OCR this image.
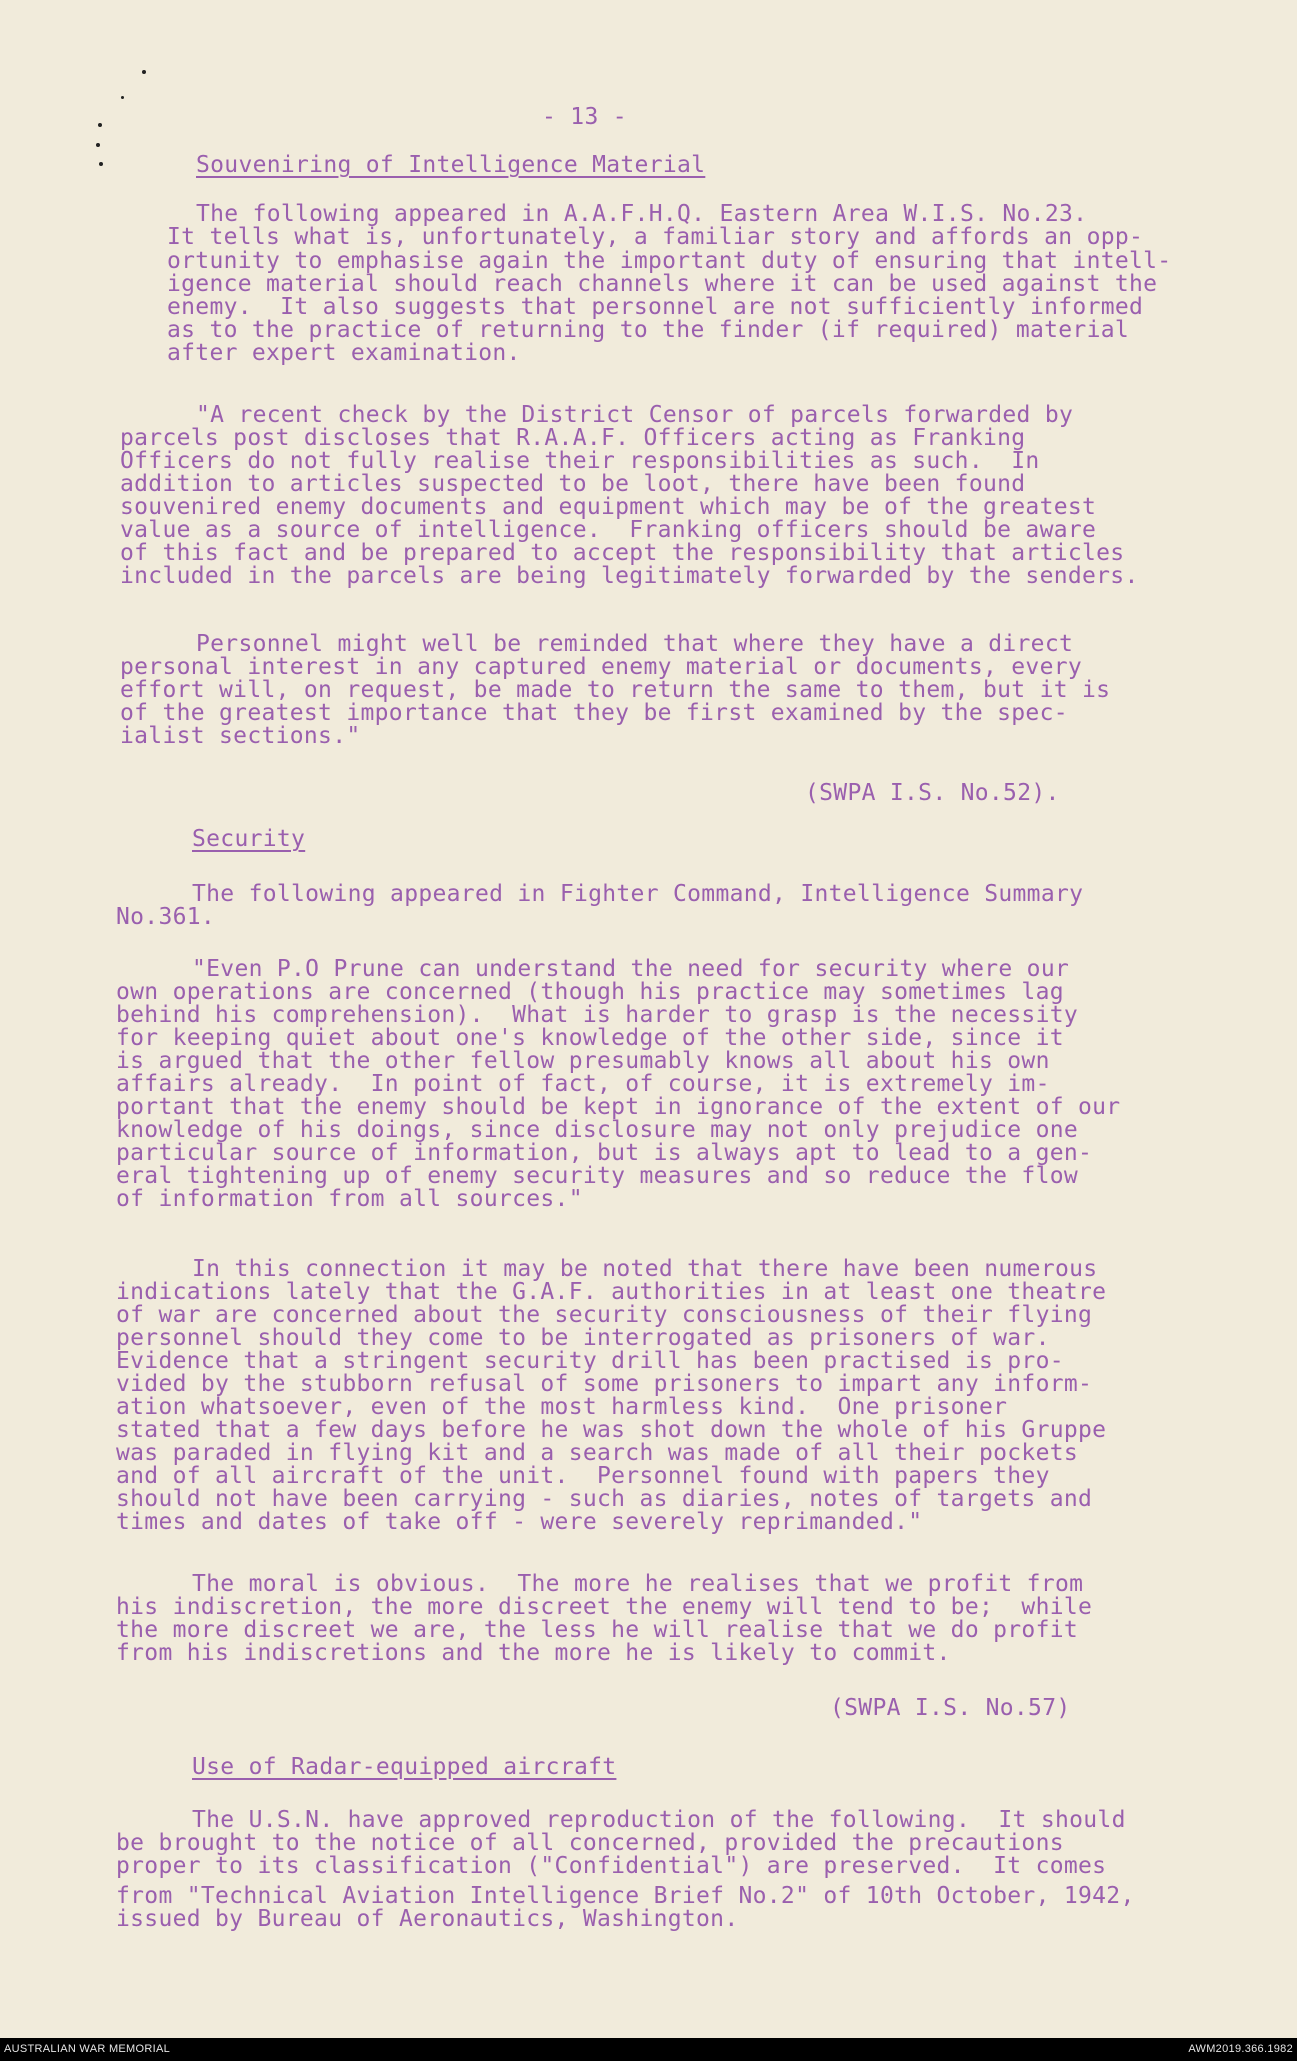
- 13 -

Souveniring of Intelligence Material

The following appeared in A.A.F.H.Q. Eastern Area W.I.S. No.23.

It tells what is, unfortunately, a familiar story and affords an opp-

ortunity to emphasise again the important duty of ensuring that intell-

igence material should reach channels where it can be used against the

enemy.  It also suggests that personnel are not sufficiently informed

as to the practice of returning to the finder (if required) material

after expert examination.

"A recent check by the District Censor of parcels forwarded by

parcels post discloses that R.A.A.F. Officers acting as Franking

Officers do not fully realise their responsibilities as such.  In

addition to articles suspected to be loot, there have been found

souvenired enemy documents and equipment which may be of the greatest

value as a source of intelligence.  Franking officers should be aware

of this fact and be prepared to accept the responsibility that articles

included in the parcels are being legitimately forwarded by the senders.

Personnel might well be reminded that where they have a direct

personal interest in any captured enemy material or documents, every

effort will, on request, be made to return the same to them, but it is

of the greatest importance that they be first examined by the spec-

ialist sections."

(SWPA I.S. No.52).

Security

The following appeared in Fighter Command, Intelligence Summary

No.361.

"Even P.O Prune can understand the need for security where our

own operations are concerned (though his practice may sometimes lag

behind his comprehension).  What is harder to grasp is the necessity

for keeping quiet about one's knowledge of the other side, since it

is argued that the other fellow presumably knows all about his own

affairs already.  In point of fact, of course, it is extremely im-

portant that the enemy should be kept in ignorance of the extent of our

knowledge of his doings, since disclosure may not only prejudice one

particular source of information, but is always apt to lead to a gen-

eral tightening up of enemy security measures and so reduce the flow

of information from all sources."

In this connection it may be noted that there have been numerous

indications lately that the G.A.F. authorities in at least one theatre

of war are concerned about the security consciousness of their flying

personnel should they come to be interrogated as prisoners of war.

Evidence that a stringent security drill has been practised is pro-

vided by the stubborn refusal of some prisoners to impart any inform-

ation whatsoever, even of the most harmless kind.  One prisoner

stated that a few days before he was shot down the whole of his Gruppe

was paraded in flying kit and a search was made of all their pockets

and of all aircraft of the unit.  Personnel found with papers they

should not have been carrying - such as diaries, notes of targets and

times and dates of take off - were severely reprimanded."

The moral is obvious.  The more he realises that we profit from

his indiscretion, the more discreet the enemy will tend to be;  while

the more discreet we are, the less he will realise that we do profit

from his indiscretions and the more he is likely to commit.

(SWPA I.S. No.57)

Use of Radar-equipped aircraft

The U.S.N. have approved reproduction of the following.  It should

be brought to the notice of all concerned, provided the precautions

proper to its classification ("Confidential") are preserved.  It comes

from "Technical Aviation Intelligence Brief No.2" of 10th October, 1942,

issued by Bureau of Aeronautics, Washington.

AUSTRALIAN WAR MEMORIAL	AWM2019.366.1982
